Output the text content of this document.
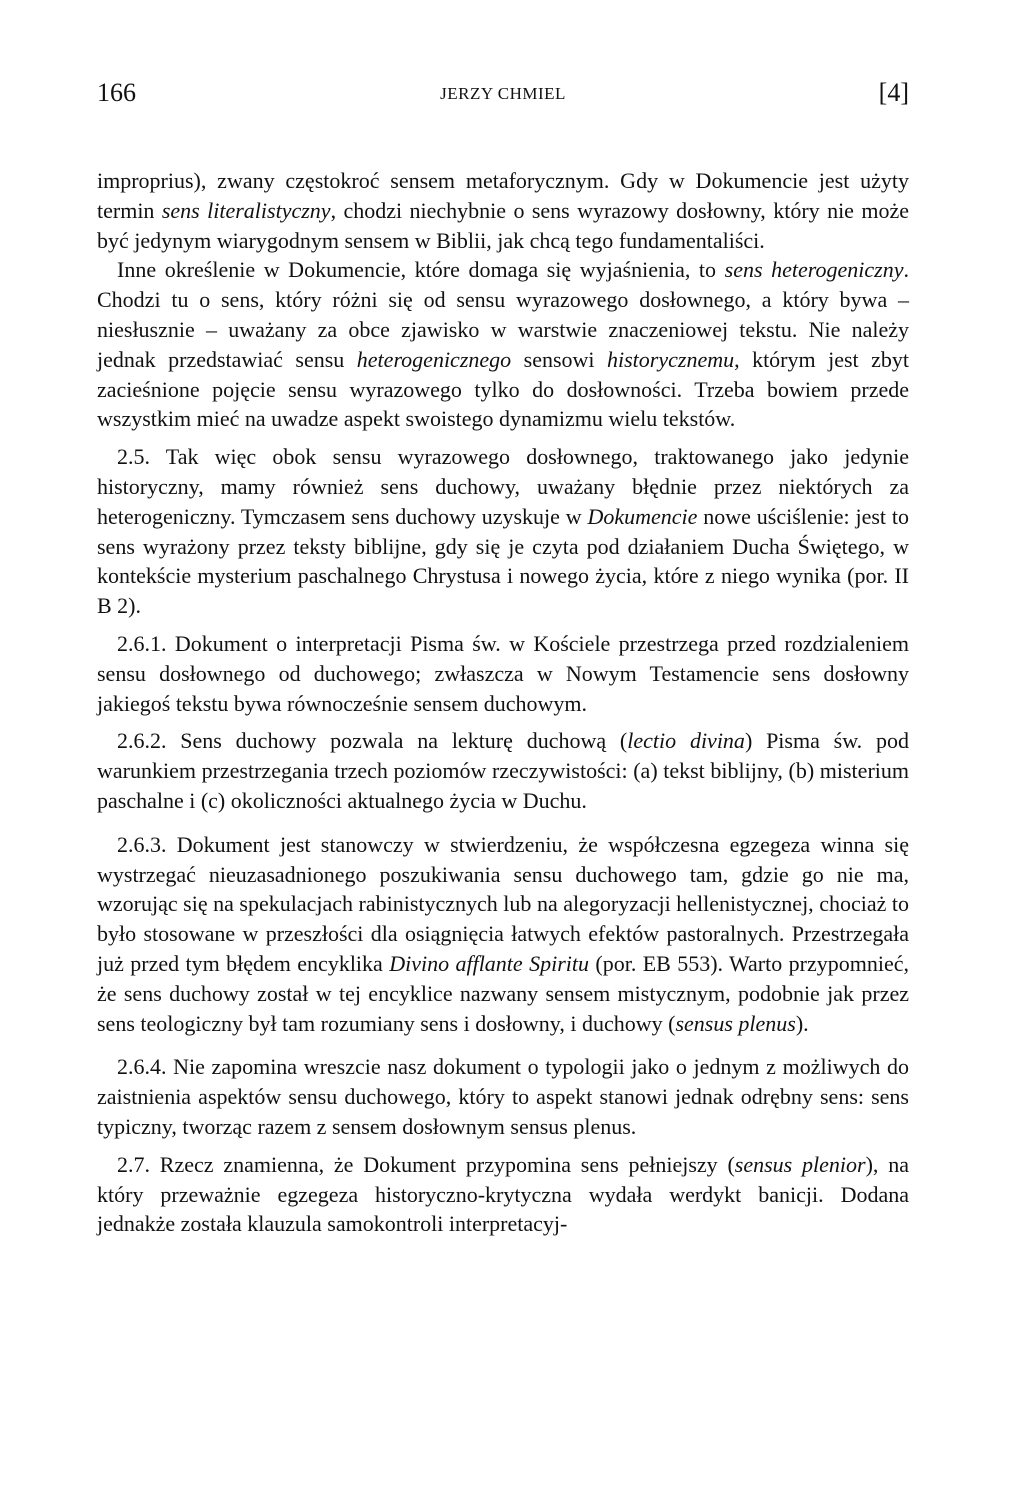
166	JERZY CHMIEL	[4]

improprius), zwany częstokroć sensem metaforycznym. Gdy w Dokumencie jest użyty termin sens literalistyczny, chodzi niechybnie o sens wyrazowy dosłowny, który nie może być jedynym wiarygodnym sensem w Biblii, jak chcą tego fundamentaliści.

Inne określenie w Dokumencie, które domaga się wyjaśnienia, to sens heterogeniczny. Chodzi tu o sens, który różni się od sensu wyrazowego dosłownego, a który bywa – niesłusznie – uważany za obce zjawisko w warstwie znaczeniowej tekstu. Nie należy jednak przedstawiać sensu heterogenicznego sensowi historycznemu, którym jest zbyt zacieśnione pojęcie sensu wyrazowego tylko do dosłowności. Trzeba bowiem przede wszystkim mieć na uwadze aspekt swoistego dynamizmu wielu tekstów.

2.5. Tak więc obok sensu wyrazowego dosłownego, traktowanego jako jedynie historyczny, mamy również sens duchowy, uważany błędnie przez niektórych za heterogeniczny. Tymczasem sens duchowy uzyskuje w Dokumencie nowe uściślenie: jest to sens wyrażony przez teksty biblijne, gdy się je czyta pod działaniem Ducha Świętego, w kontekście mysterium paschalnego Chrystusa i nowego życia, które z niego wynika (por. II B 2).

2.6.1. Dokument o interpretacji Pisma św. w Kościele przestrzega przed rozdzialeniem sensu dosłownego od duchowego; zwłaszcza w Nowym Testamencie sens dosłowny jakiegoś tekstu bywa równocześnie sensem duchowym.

2.6.2. Sens duchowy pozwala na lekturę duchową (lectio divina) Pisma św. pod warunkiem przestrzegania trzech poziomów rzeczywistości: (a) tekst biblijny, (b) misterium paschalne i (c) okoliczności aktualnego życia w Duchu.

2.6.3. Dokument jest stanowczy w stwierdzeniu, że współczesna egzegeza winna się wystrzegać nieuzasadnionego poszukiwania sensu duchowego tam, gdzie go nie ma, wzorując się na spekulacjach rabinistycznych lub na alegoryzacji hellenistycznej, chociaż to było stosowane w przeszłości dla osiągnięcia łatwych efektów pastoralnych. Przestrzegała już przed tym błędem encyklika Divino afflante Spiritu (por. EB 553). Warto przypomnieć, że sens duchowy został w tej encyklice nazwany sensem mistycznym, podobnie jak przez sens teologiczny był tam rozumiany sens i dosłowny, i duchowy (sensus plenus).

2.6.4. Nie zapomina wreszcie nasz dokument o typologii jako o jednym z możliwych do zaistnienia aspektów sensu duchowego, który to aspekt stanowi jednak odrębny sens: sens typiczny, tworząc razem z sensem dosłownym sensus plenus.

2.7. Rzecz znamienna, że Dokument przypomina sens pełniejszy (sensus plenior), na który przeważnie egzegeza historyczno-krytyczna wydała werdykt banicji. Dodana jednakże została klauzula samokontroli interpretacyj-
